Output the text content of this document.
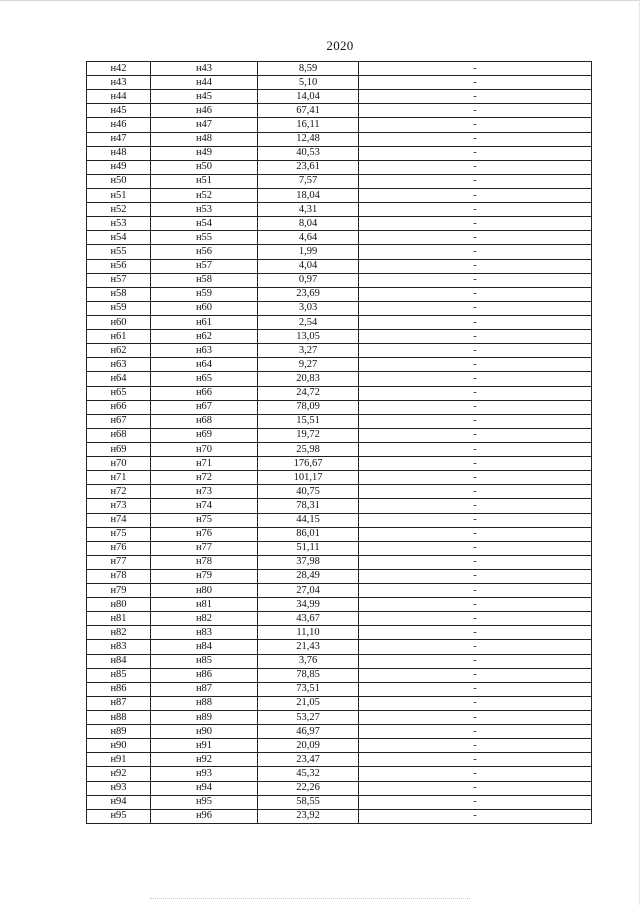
2020
н42	н43	8,59	-
н43	н44	5,10	-
н44	н45	14,04	-
н45	н46	67,41	-
н46	н47	16,11	-
н47	н48	12,48	-
н48	н49	40,53	-
н49	н50	23,61	-
н50	н51	7,57	-
н51	н52	18,04	-
н52	н53	4,31	-
н53	н54	8,04	-
н54	н55	4,64	-
н55	н56	1,99	-
н56	н57	4,04	-
н57	н58	0,97	-
н58	н59	23,69	-
н59	н60	3,03	-
н60	н61	2,54	-
н61	н62	13,05	-
н62	н63	3,27	-
н63	н64	9,27	-
н64	н65	20,83	-
н65	н66	24,72	-
н66	н67	78,09	-
н67	н68	15,51	-
н68	н69	19,72	-
н69	н70	25,98	-
н70	н71	176,67	-
н71	н72	101,17	-
н72	н73	40,75	-
н73	н74	78,31	-
н74	н75	44,15	-
н75	н76	86,01	-
н76	н77	51,11	-
н77	н78	37,98	-
н78	н79	28,49	-
н79	н80	27,04	-
н80	н81	34,99	-
н81	н82	43,67	-
н82	н83	11,10	-
н83	н84	21,43	-
н84	н85	3,76	-
н85	н86	78,85	-
н86	н87	73,51	-
н87	н88	21,05	-
н88	н89	53,27	-
н89	н90	46,97	-
н90	н91	20,09	-
н91	н92	23,47	-
н92	н93	45,32	-
н93	н94	22,26	-
н94	н95	58,55	-
н95	н96	23,92	-
